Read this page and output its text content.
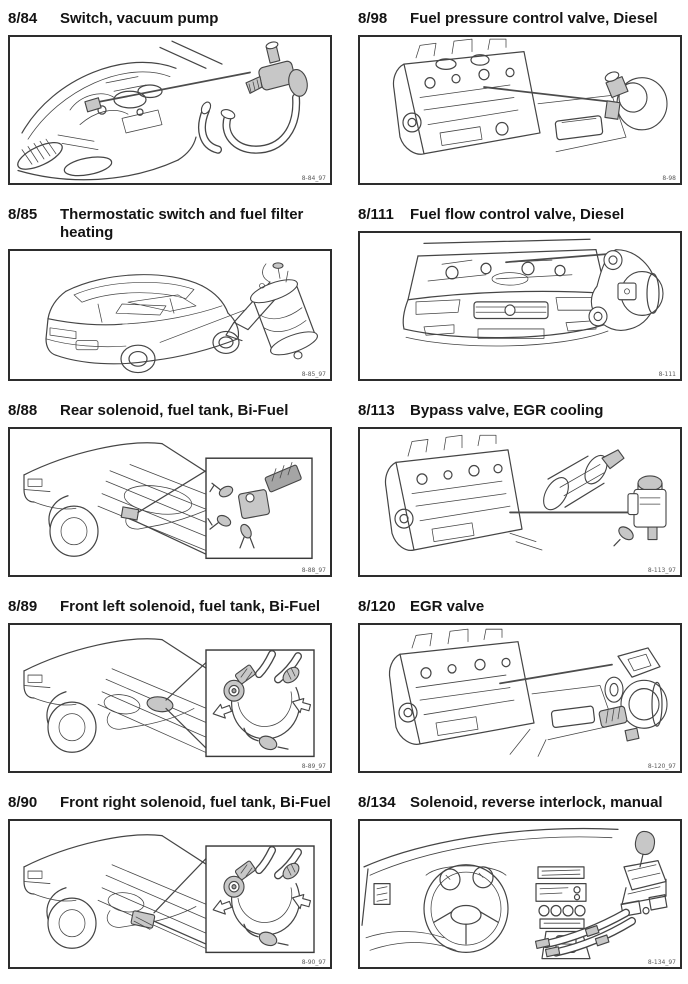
8/84	Switch, vacuum pump
8-84_97
8/98	Fuel pressure control valve, Diesel
8-98
8/85	Thermostatic switch and fuel filter heating
8-85_97
8/111	Fuel flow control valve, Diesel
8-111
8/88	Rear solenoid, fuel tank, Bi-Fuel
8-88_97
8/113	Bypass valve, EGR cooling
8-113_97
8/89	Front left solenoid, fuel tank, Bi-Fuel
8-89_97
8/120 EGR valve
8-120_97
8/90	Front right solenoid, fuel tank, Bi-Fuel
8-90_97
8/134 Solenoid, reverse interlock, manual
8-134_97
